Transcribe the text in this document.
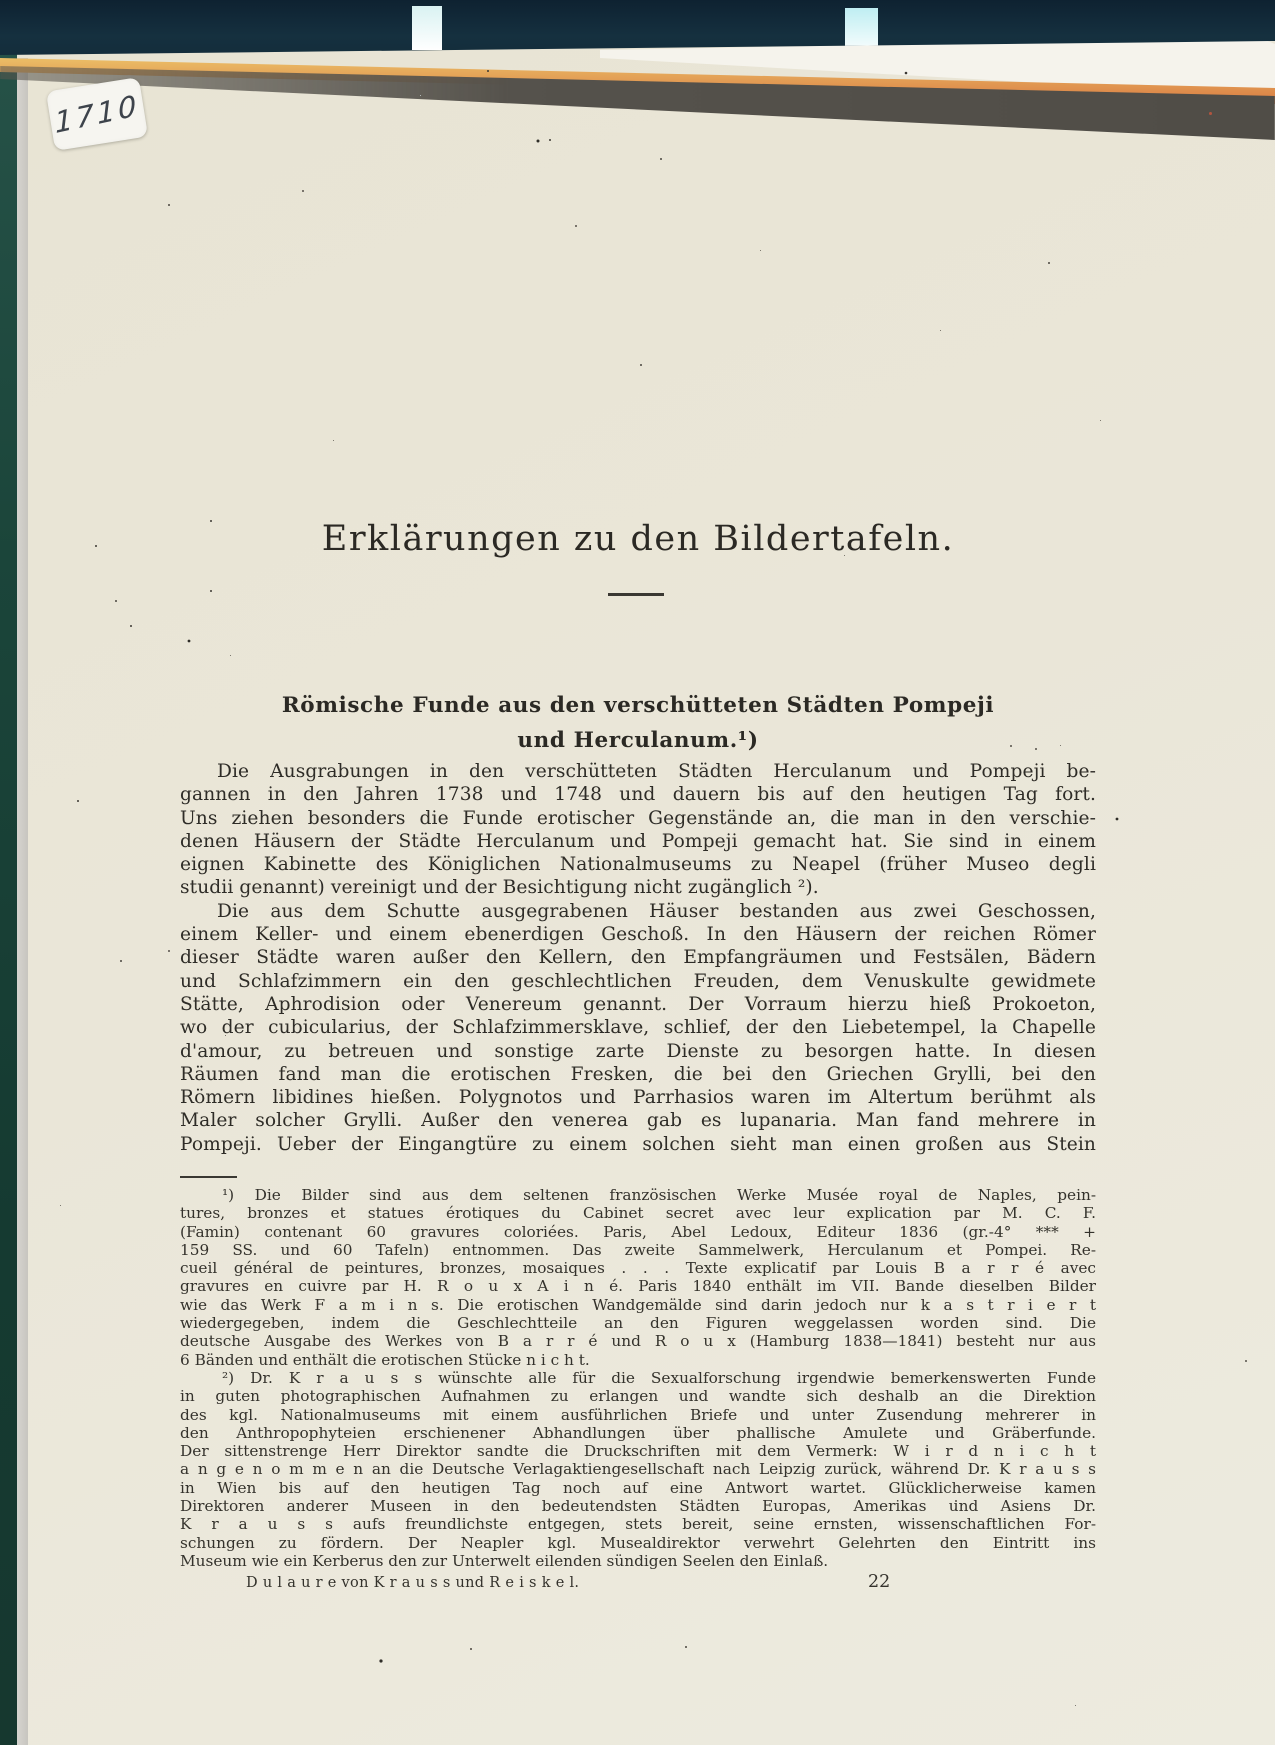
1710
Erklärungen zu den Bildertafeln.
Römische Funde aus den verschütteten Städten Pompeji
und Herculanum.¹)
Die Ausgrabungen in den verschütteten Städten Herculanum und Pompeji be-
gannen in den Jahren 1738 und 1748 und dauern bis auf den heutigen Tag fort.
Uns ziehen besonders die Funde erotischer Gegenstände an, die man in den verschie-
denen Häusern der Städte Herculanum und Pompeji gemacht hat. Sie sind in einem
eignen Kabinette des Königlichen Nationalmuseums zu Neapel (früher Museo degli
studii genannt) vereinigt und der Besichtigung nicht zugänglich ²).
Die aus dem Schutte ausgegrabenen Häuser bestanden aus zwei Geschossen,
einem Keller- und einem ebenerdigen Geschoß. In den Häusern der reichen Römer
dieser Städte waren außer den Kellern, den Empfangräumen und Festsälen, Bädern
und Schlafzimmern ein den geschlechtlichen Freuden, dem Venuskulte gewidmete
Stätte, Aphrodision oder Venereum genannt. Der Vorraum hierzu hieß Prokoeton,
wo der cubicularius, der Schlafzimmersklave, schlief, der den Liebetempel, la Chapelle
d'amour, zu betreuen und sonstige zarte Dienste zu besorgen hatte. In diesen
Räumen fand man die erotischen Fresken, die bei den Griechen Grylli, bei den
Römern libidines hießen. Polygnotos und Parrhasios waren im Altertum berühmt als
Maler solcher Grylli. Außer den venerea gab es lupanaria. Man fand mehrere in
Pompeji. Ueber der Eingangtüre zu einem solchen sieht man einen großen aus Stein
¹) Die Bilder sind aus dem seltenen französischen Werke Musée royal de Naples, pein-
tures, bronzes et statues érotiques du Cabinet secret avec leur explication par M. C. F.
(Famin) contenant 60 gravures coloriées. Paris, Abel Ledoux, Editeur 1836 (gr.-4° *** +
159 SS. und 60 Tafeln) entnommen. Das zweite Sammelwerk, Herculanum et Pompei. Re-
cueil général de peintures, bronzes, mosaiques . . . Texte explicatif par Louis B a r r é avec
gravures en cuivre par H. R o u x A i n é. Paris 1840 enthält im VII. Bande dieselben Bilder
wie das Werk F a m i n s. Die erotischen Wandgemälde sind darin jedoch nur k a s t r i e r t
wiedergegeben, indem die Geschlechtteile an den Figuren weggelassen worden sind. Die
deutsche Ausgabe des Werkes von B a r r é und R o u x (Hamburg 1838—1841) besteht nur aus
6 Bänden und enthält die erotischen Stücke n i c h t.
²) Dr. K r a u s s wünschte alle für die Sexualforschung irgendwie bemerkenswerten Funde
in guten photographischen Aufnahmen zu erlangen und wandte sich deshalb an die Direktion
des kgl. Nationalmuseums mit einem ausführlichen Briefe und unter Zusendung mehrerer in
den Anthropophyteien erschienener Abhandlungen über phallische Amulete und Gräberfunde.
Der sittenstrenge Herr Direktor sandte die Druckschriften mit dem Vermerk: W i r d n i c h t
a n g e n o m m e n an die Deutsche Verlagaktiengesellschaft nach Leipzig zurück, während Dr. K r a u s s
in Wien bis auf den heutigen Tag noch auf eine Antwort wartet. Glücklicherweise kamen
Direktoren anderer Museen in den bedeutendsten Städten Europas, Amerikas und Asiens Dr.
K r a u s s aufs freundlichste entgegen, stets bereit, seine ernsten, wissenschaftlichen For-
schungen zu fördern. Der Neapler kgl. Musealdirektor verwehrt Gelehrten den Eintritt ins
Museum wie ein Kerberus den zur Unterwelt eilenden sündigen Seelen den Einlaß.
D u l a u r e von K r a u s s und R e i s k e l.	22
